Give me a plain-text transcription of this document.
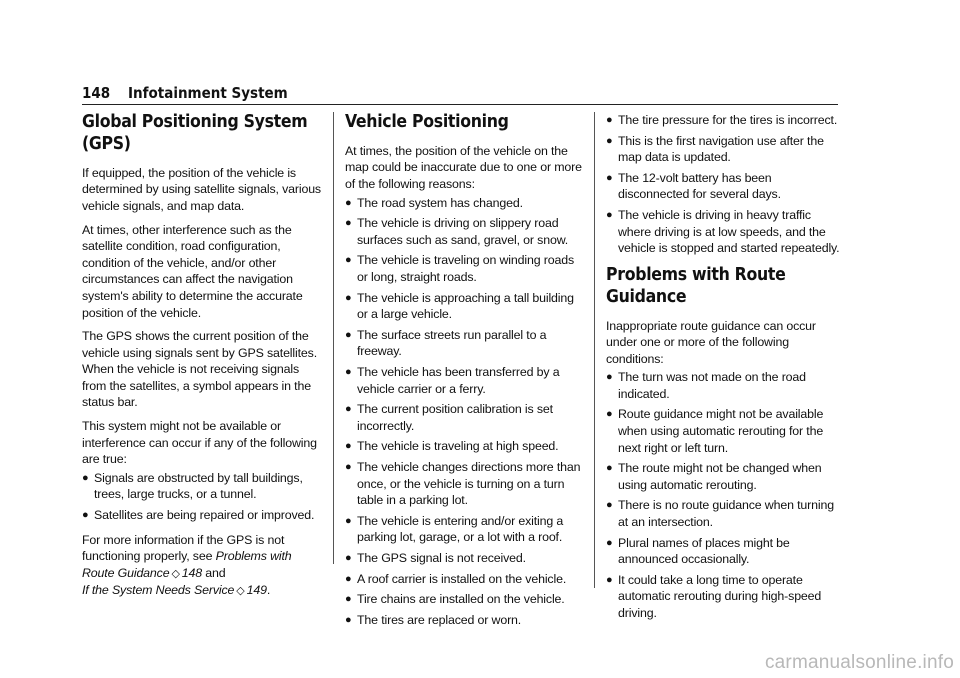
148	Infotainment System
Global Positioning System (GPS)

If equipped, the position of the vehicle is determined by using satellite signals, various vehicle signals, and map data.

At times, other interference such as the satellite condition, road configuration, condition of the vehicle, and/or other circumstances can affect the navigation system's ability to determine the accurate position of the vehicle.

The GPS shows the current position of the vehicle using signals sent by GPS satellites. When the vehicle is not receiving signals from the satellites, a symbol appears in the status bar.

This system might not be available or interference can occur if any of the following are true:

● Signals are obstructed by tall buildings, trees, large trucks, or a tunnel.
● Satellites are being repaired or improved.

For more information if the GPS is not functioning properly, see Problems with Route Guidance ◇ 148 and
If the System Needs Service ◇ 149.

Vehicle Positioning

At times, the position of the vehicle on the map could be inaccurate due to one or more of the following reasons:

● The road system has changed.
● The vehicle is driving on slippery road surfaces such as sand, gravel, or snow.
● The vehicle is traveling on winding roads or long, straight roads.
● The vehicle is approaching a tall building or a large vehicle.
● The surface streets run parallel to a freeway.
● The vehicle has been transferred by a vehicle carrier or a ferry.
● The current position calibration is set incorrectly.
● The vehicle is traveling at high speed.
● The vehicle changes directions more than once, or the vehicle is turning on a turn table in a parking lot.
● The vehicle is entering and/or exiting a parking lot, garage, or a lot with a roof.
● The GPS signal is not received.
● A roof carrier is installed on the vehicle.
● Tire chains are installed on the vehicle.
● The tires are replaced or worn.
● The tire pressure for the tires is incorrect.
● This is the first navigation use after the map data is updated.
● The 12-volt battery has been disconnected for several days.
● The vehicle is driving in heavy traffic where driving is at low speeds, and the vehicle is stopped and started repeatedly.
Problems with Route Guidance

Inappropriate route guidance can occur under one or more of the following conditions:

● The turn was not made on the road indicated.
● Route guidance might not be available when using automatic rerouting for the next right or left turn.
● The route might not be changed when using automatic rerouting.
● There is no route guidance when turning at an intersection.
● Plural names of places might be announced occasionally.
● It could take a long time to operate automatic rerouting during high-speed driving.
carmanualsonline.info
